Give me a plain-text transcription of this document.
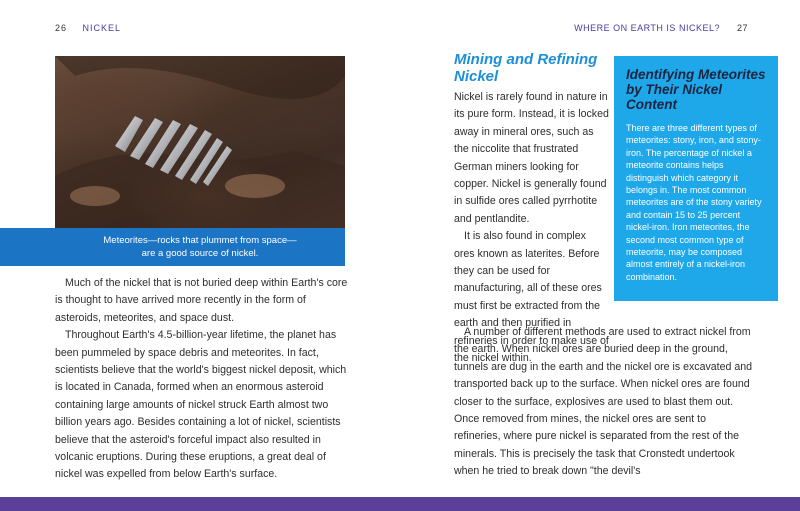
26 NICKEL	WHERE ON EARTH IS NICKEL? 27
Meteorites—rocks that plummet from space—
are a good source of nickel.

Much of the nickel that is not buried deep within Earth's core is thought to have arrived more recently in the form of asteroids, meteorites, and space dust.

Throughout Earth's 4.5-billion-year lifetime, the planet has been pummeled by space debris and meteorites. In fact, scientists believe that the world's biggest nickel deposit, which is located in Canada, formed when an enormous asteroid containing large amounts of nickel struck Earth almost two billion years ago. Besides containing a lot of nickel, scientists believe that the asteroid's forceful impact also resulted in volcanic eruptions. During these eruptions, a great deal of nickel was expelled from below Earth's surface.

Mining and Refining
Nickel

Nickel is rarely found in nature in its pure form. Instead, it is locked away in mineral ores, such as the niccolite that frustrated German miners looking for copper. Nickel is generally found in sulfide ores called pyrrhotite and pentlandite.

It is also found in complex ores known as laterites. Before they can be used for manufacturing, all of these ores must first be extracted from the earth and then purified in refineries in order to make use of the nickel within.

Identifying Meteorites by Their Nickel Content

There are three different types of meteorites: stony, iron, and stony-iron. The percentage of nickel a meteorite contains helps distinguish which category it belongs in. The most common meteorites are of the stony variety and contain 15 to 25 percent nickel-iron. Iron meteorites, the second most common type of meteorite, may be composed almost entirely of a nickel-iron combination.

A number of different methods are used to extract nickel from the earth. When nickel ores are buried deep in the ground, tunnels are dug in the earth and the nickel ore is excavated and transported back up to the surface. When nickel ores are found closer to the surface, explosives are used to blast them out. Once removed from mines, the nickel ores are sent to refineries, where pure nickel is separated from the rest of the minerals. This is precisely the task that Cronstedt undertook when he tried to break down "the devil's
